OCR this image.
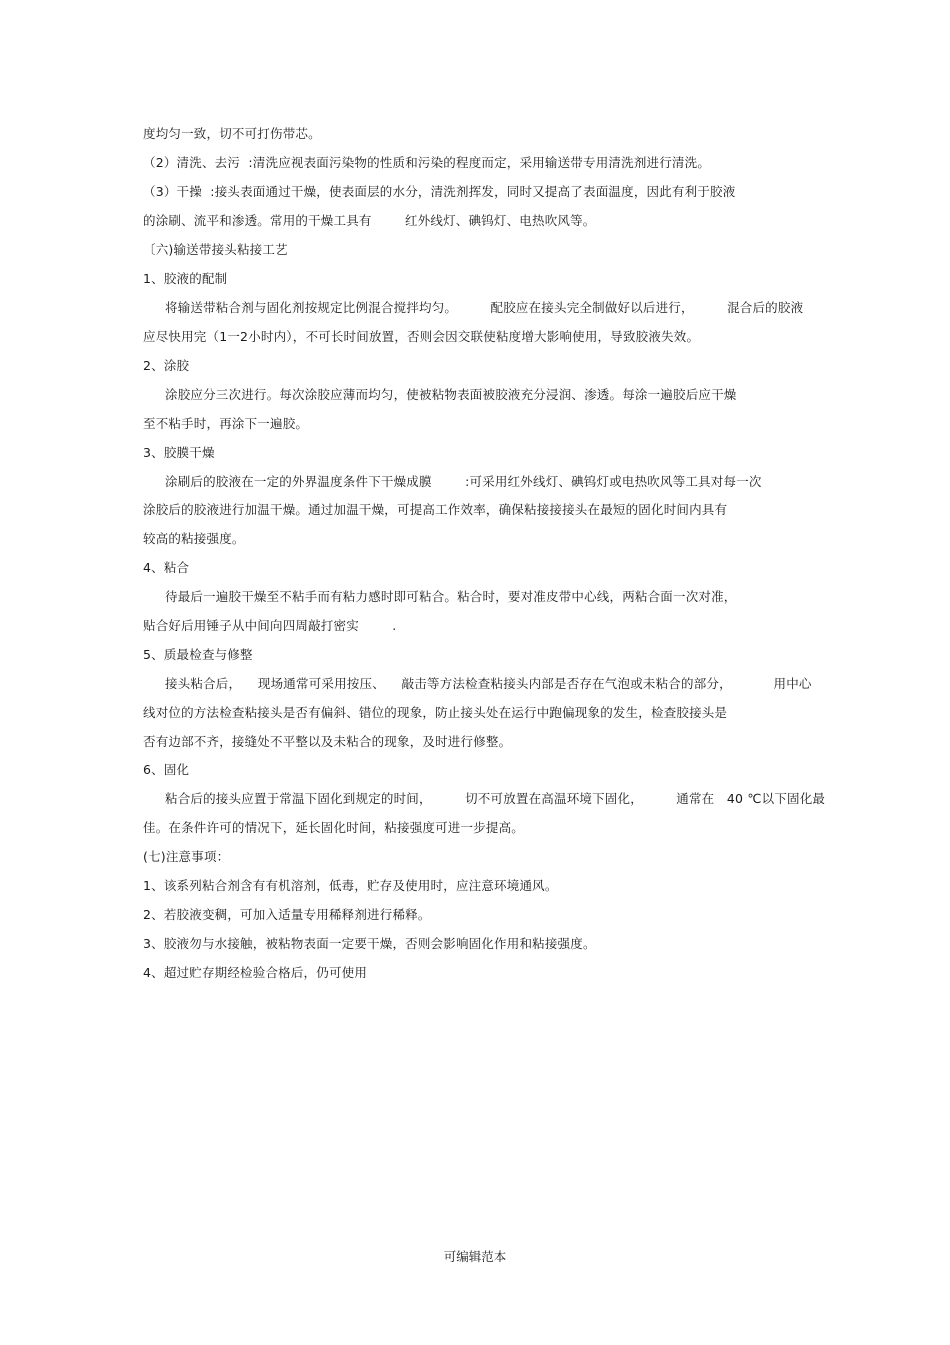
度均匀一致，切不可打伤带芯。
（2）清洗、去污  :清洗应视表面污染物的性质和污染的程度而定，采用输送带专用清洗剂进行清洗。
（3）干操  :接头表面通过干燥，使表面层的水分，清洗剂挥发，同时又提高了表面温度，因此有利于胶液
的涂刷、流平和渗透。常用的干燥工具有        红外线灯、碘钨灯、电热吹风等。
〔六)输送带接头粘接工艺
1、胶液的配制
将输送带粘合剂与固化剂按规定比例混合搅拌均匀。        配胶应在接头完全制做好以后进行，        混合后的胶液
应尽快用完（1一2小时内），不可长时间放置，否则会因交联使粘度增大影响使用，导致胶液失效。
2、涂胶
涂胶应分三次进行。每次涂胶应薄而均匀，使被粘物表面被胶液充分浸润、渗透。每涂一遍胶后应干燥
至不粘手时，再涂下一遍胶。
3、胶膜干燥
涂刷后的胶液在一定的外界温度条件下干燥成膜        :可采用红外线灯、碘钨灯或电热吹风等工具对每一次
涂胶后的胶液进行加温干燥。通过加温干燥，可提高工作效率，确保粘接接接头在最短的固化时间内具有
较高的粘接强度。
4、粘合
待最后一遍胶干燥至不粘手而有粘力感时即可粘合。粘合时，要对准皮带中心线，两粘合面一次对准，
贴合好后用锤子从中间向四周敲打密实        .
5、质最检查与修整
接头粘合后，    现场通常可采用按压、    敲击等方法检查粘接头内部是否存在气泡或未粘合的部分，          用中心
线对位的方法检查粘接头是否有偏斜、错位的现象，防止接头处在运行中跑偏现象的发生，检查胶接头是
否有边部不齐，接缝处不平整以及未粘合的现象，及时进行修整。
6、固化
粘合后的接头应置于常温下固化到规定的时间，        切不可放置在高温环境下固化，        通常在   40 ℃以下固化最
佳。在条件许可的情况下，延长固化时间，粘接强度可进一步提高。
(七)注意事项：
1、该系列粘合剂含有有机溶剂，低毒，贮存及使用时，应注意环境通风。
2、若胶液变稠，可加入适量专用稀释剂进行稀释。
3、胶液勿与水接触，被粘物表面一定要干燥，否则会影响固化作用和粘接强度。
4、超过贮存期经检验合格后，仍可使用
可编辑范本
